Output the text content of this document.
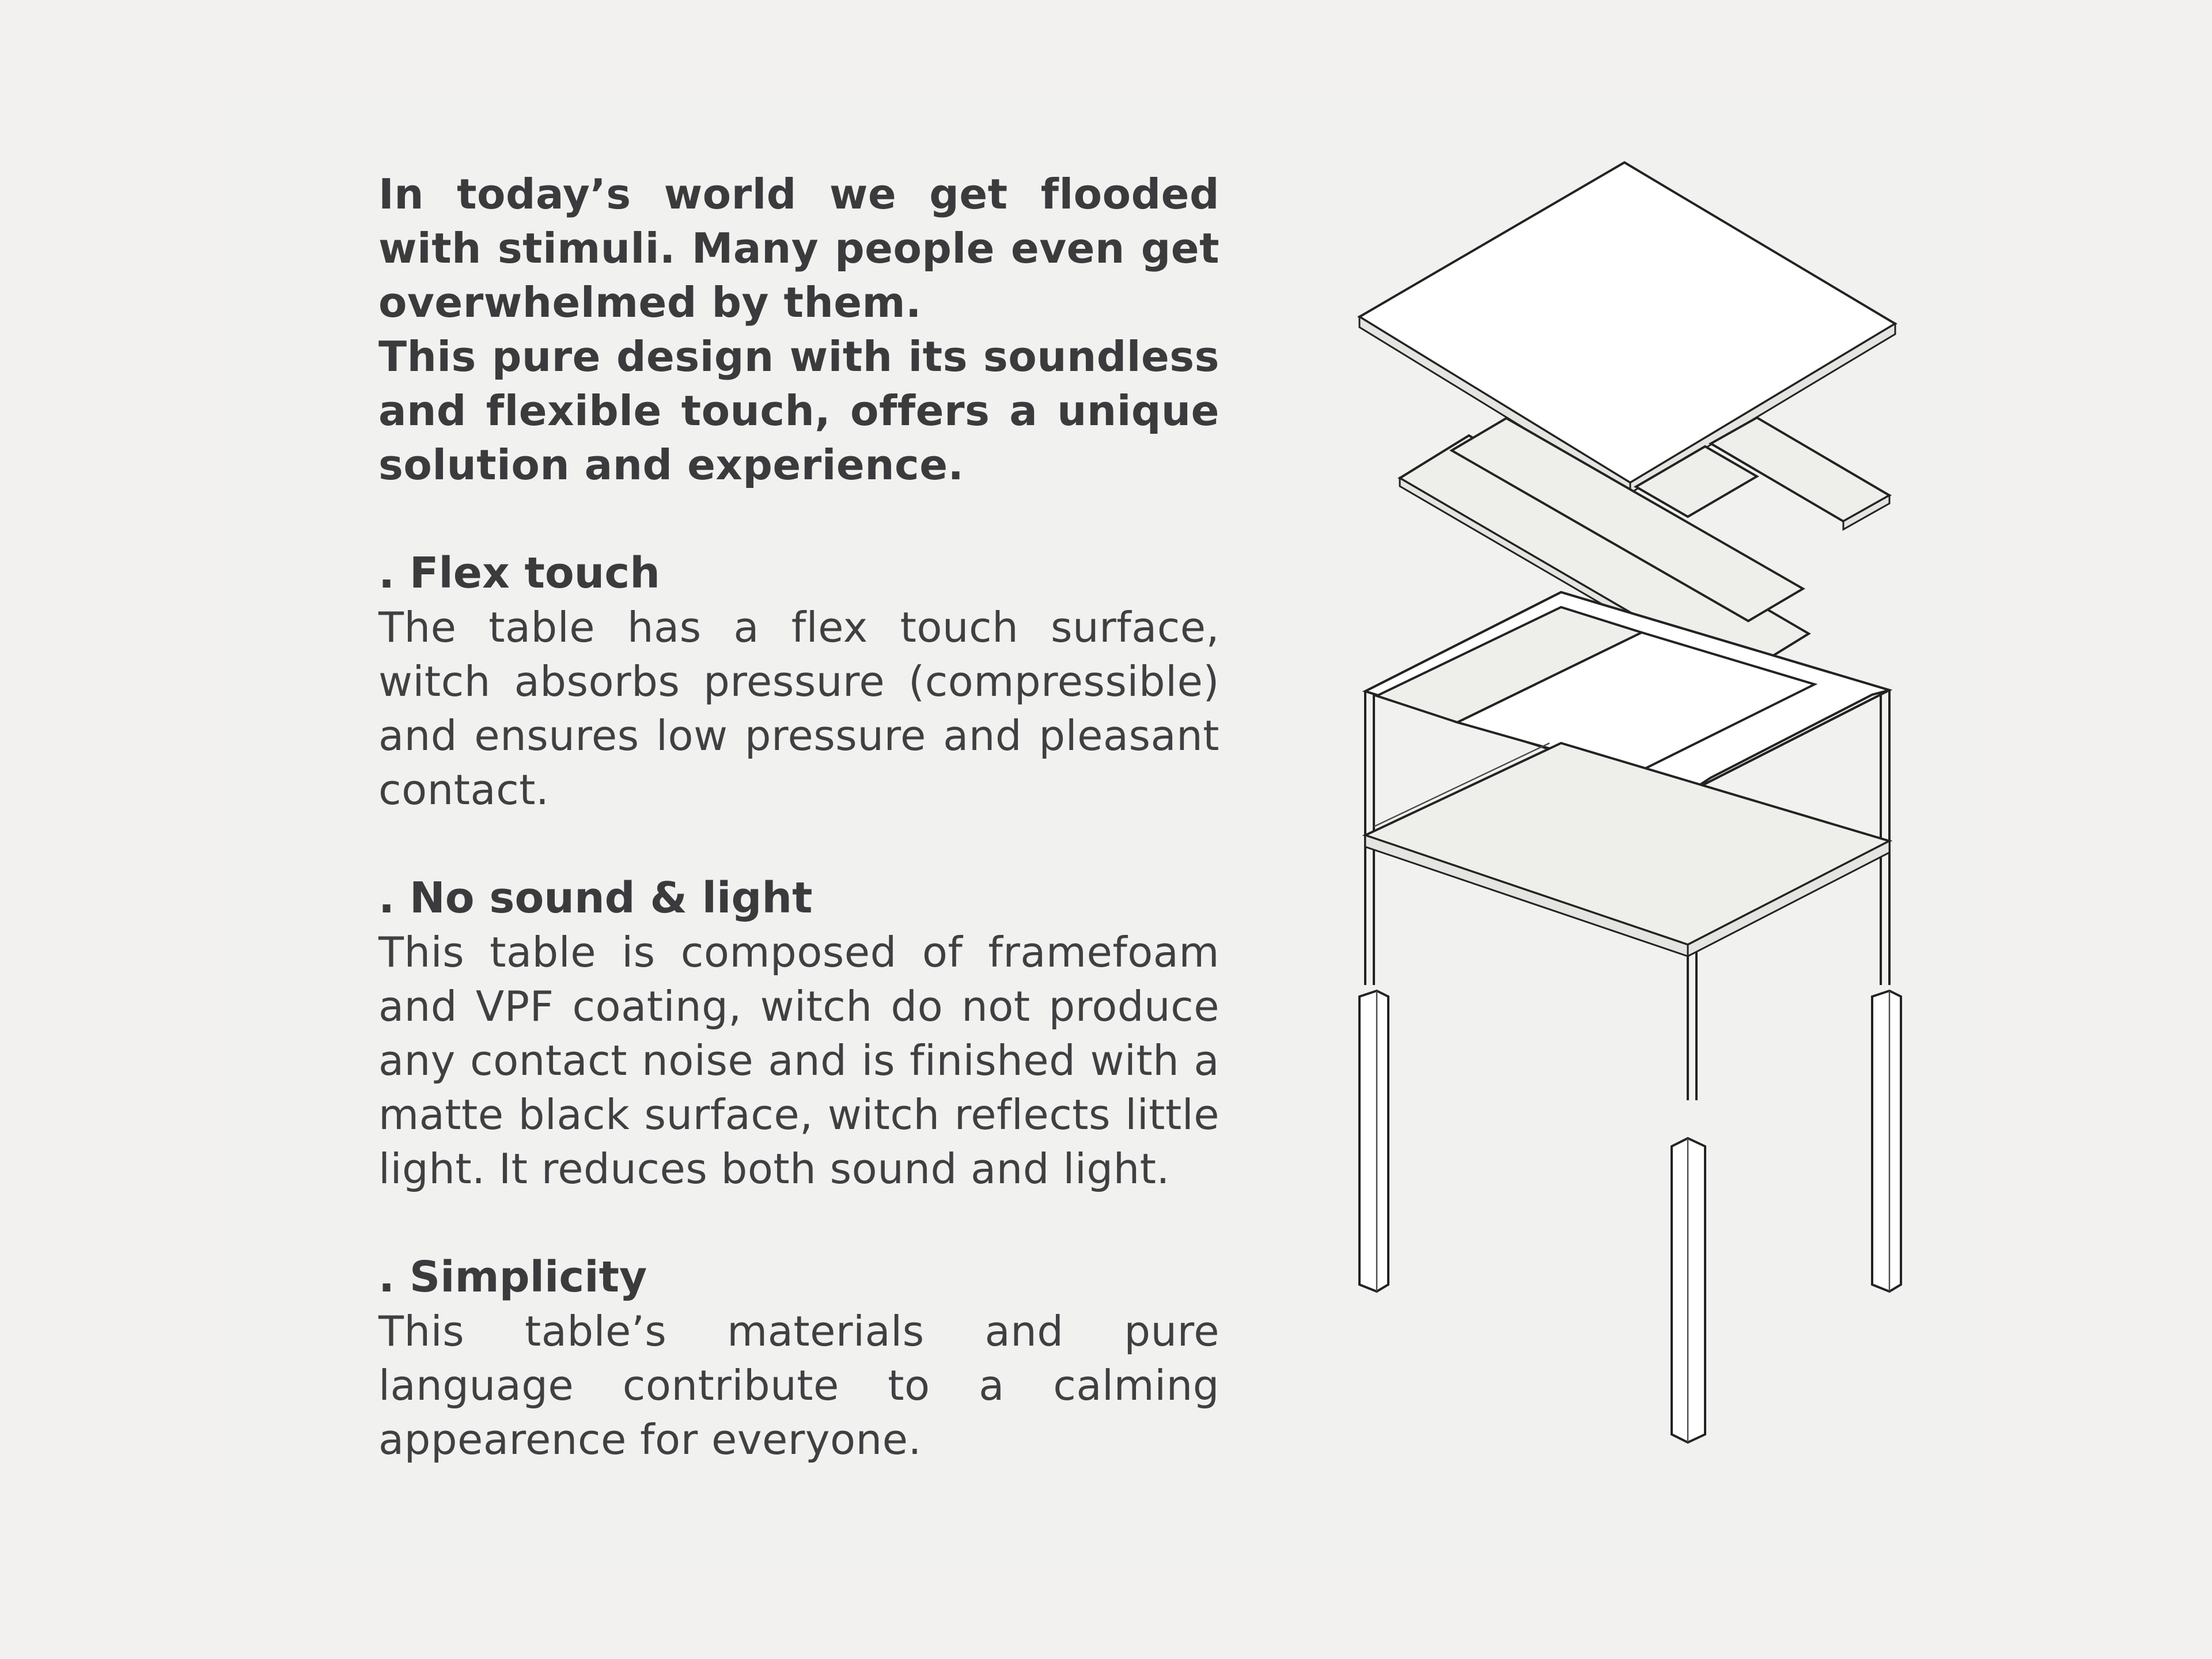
In today’s world we get flooded with stimuli. Many people even get overwhelmed by them.

This pure design with its soundless and flexible touch, offers a unique solution and experience.

. Flex touch

The table has a flex touch surface, witch absorbs pressure (compressible) and ensures low pressure and pleasant contact.

. No sound & light

This table is composed of framefoam and VPF coating, witch do not produce any contact noise and is finished with a matte black surface, witch reflects little light. It reduces both sound and light.

. Simplicity

This table’s materials and pure language contribute to a calming appearence for everyone.
